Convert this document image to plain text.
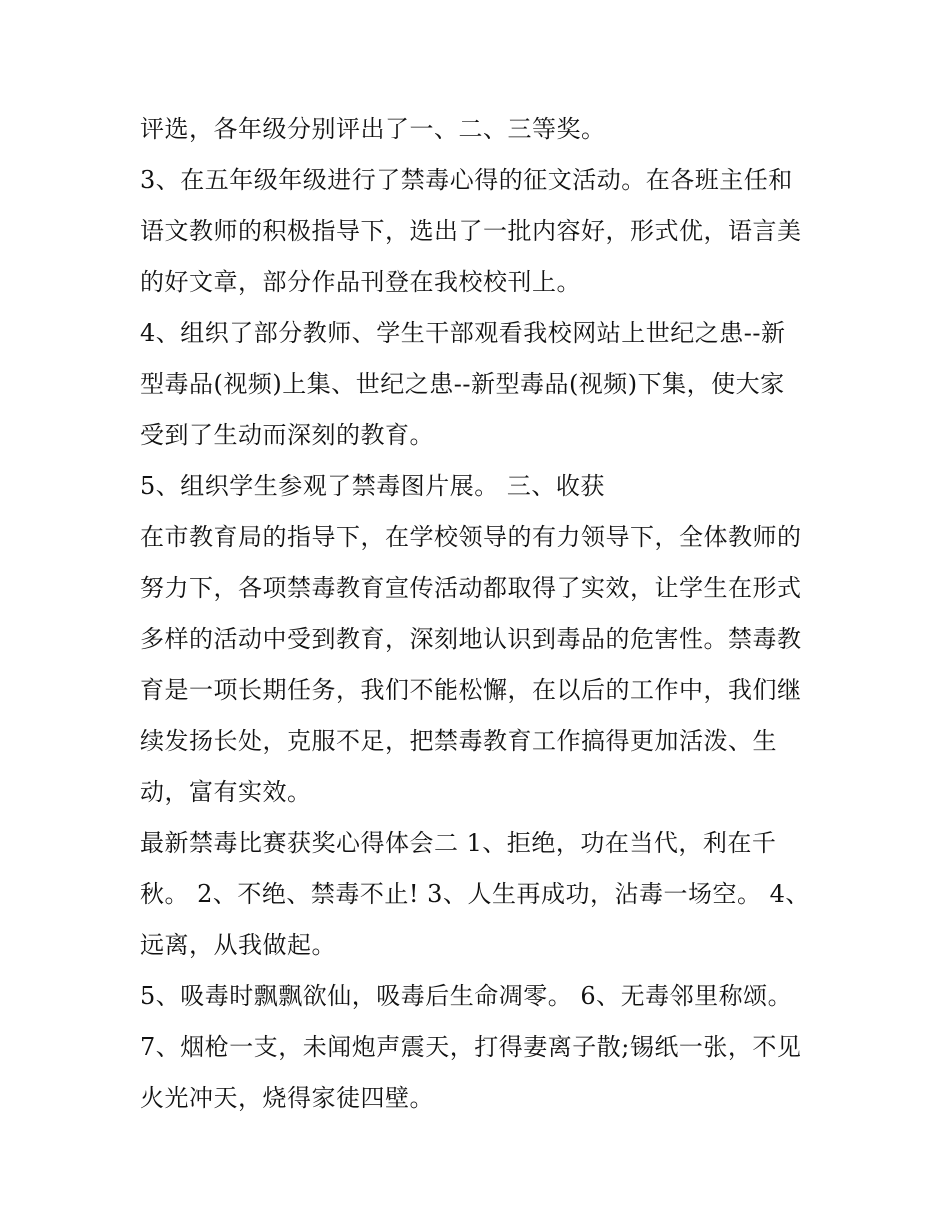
评选，各年级分别评出了一、二、三等奖。
3、在五年级年级进行了禁毒心得的征文活动。在各班主任和
语文教师的积极指导下，选出了一批内容好，形式优，语言美
的好文章，部分作品刊登在我校校刊上。
4、组织了部分教师、学生干部观看我校网站上世纪之患--新
型毒品(视频)上集、世纪之患--新型毒品(视频)下集，使大家
受到了生动而深刻的教育。
5、组织学生参观了禁毒图片展。 三、收获
在市教育局的指导下，在学校领导的有力领导下，全体教师的
努力下，各项禁毒教育宣传活动都取得了实效，让学生在形式
多样的活动中受到教育，深刻地认识到毒品的危害性。禁毒教
育是一项长期任务，我们不能松懈，在以后的工作中，我们继
续发扬长处，克服不足，把禁毒教育工作搞得更加活泼、生
动，富有实效。
最新禁毒比赛获奖心得体会二 1、拒绝，功在当代，利在千
秋。 2、不绝、禁毒不止! 3、人生再成功，沾毒一场空。 4、
远离，从我做起。
5、吸毒时飘飘欲仙，吸毒后生命凋零。 6、无毒邻里称颂。
7、烟枪一支，未闻炮声震天，打得妻离子散;锡纸一张，不见
火光冲天，烧得家徒四壁。
